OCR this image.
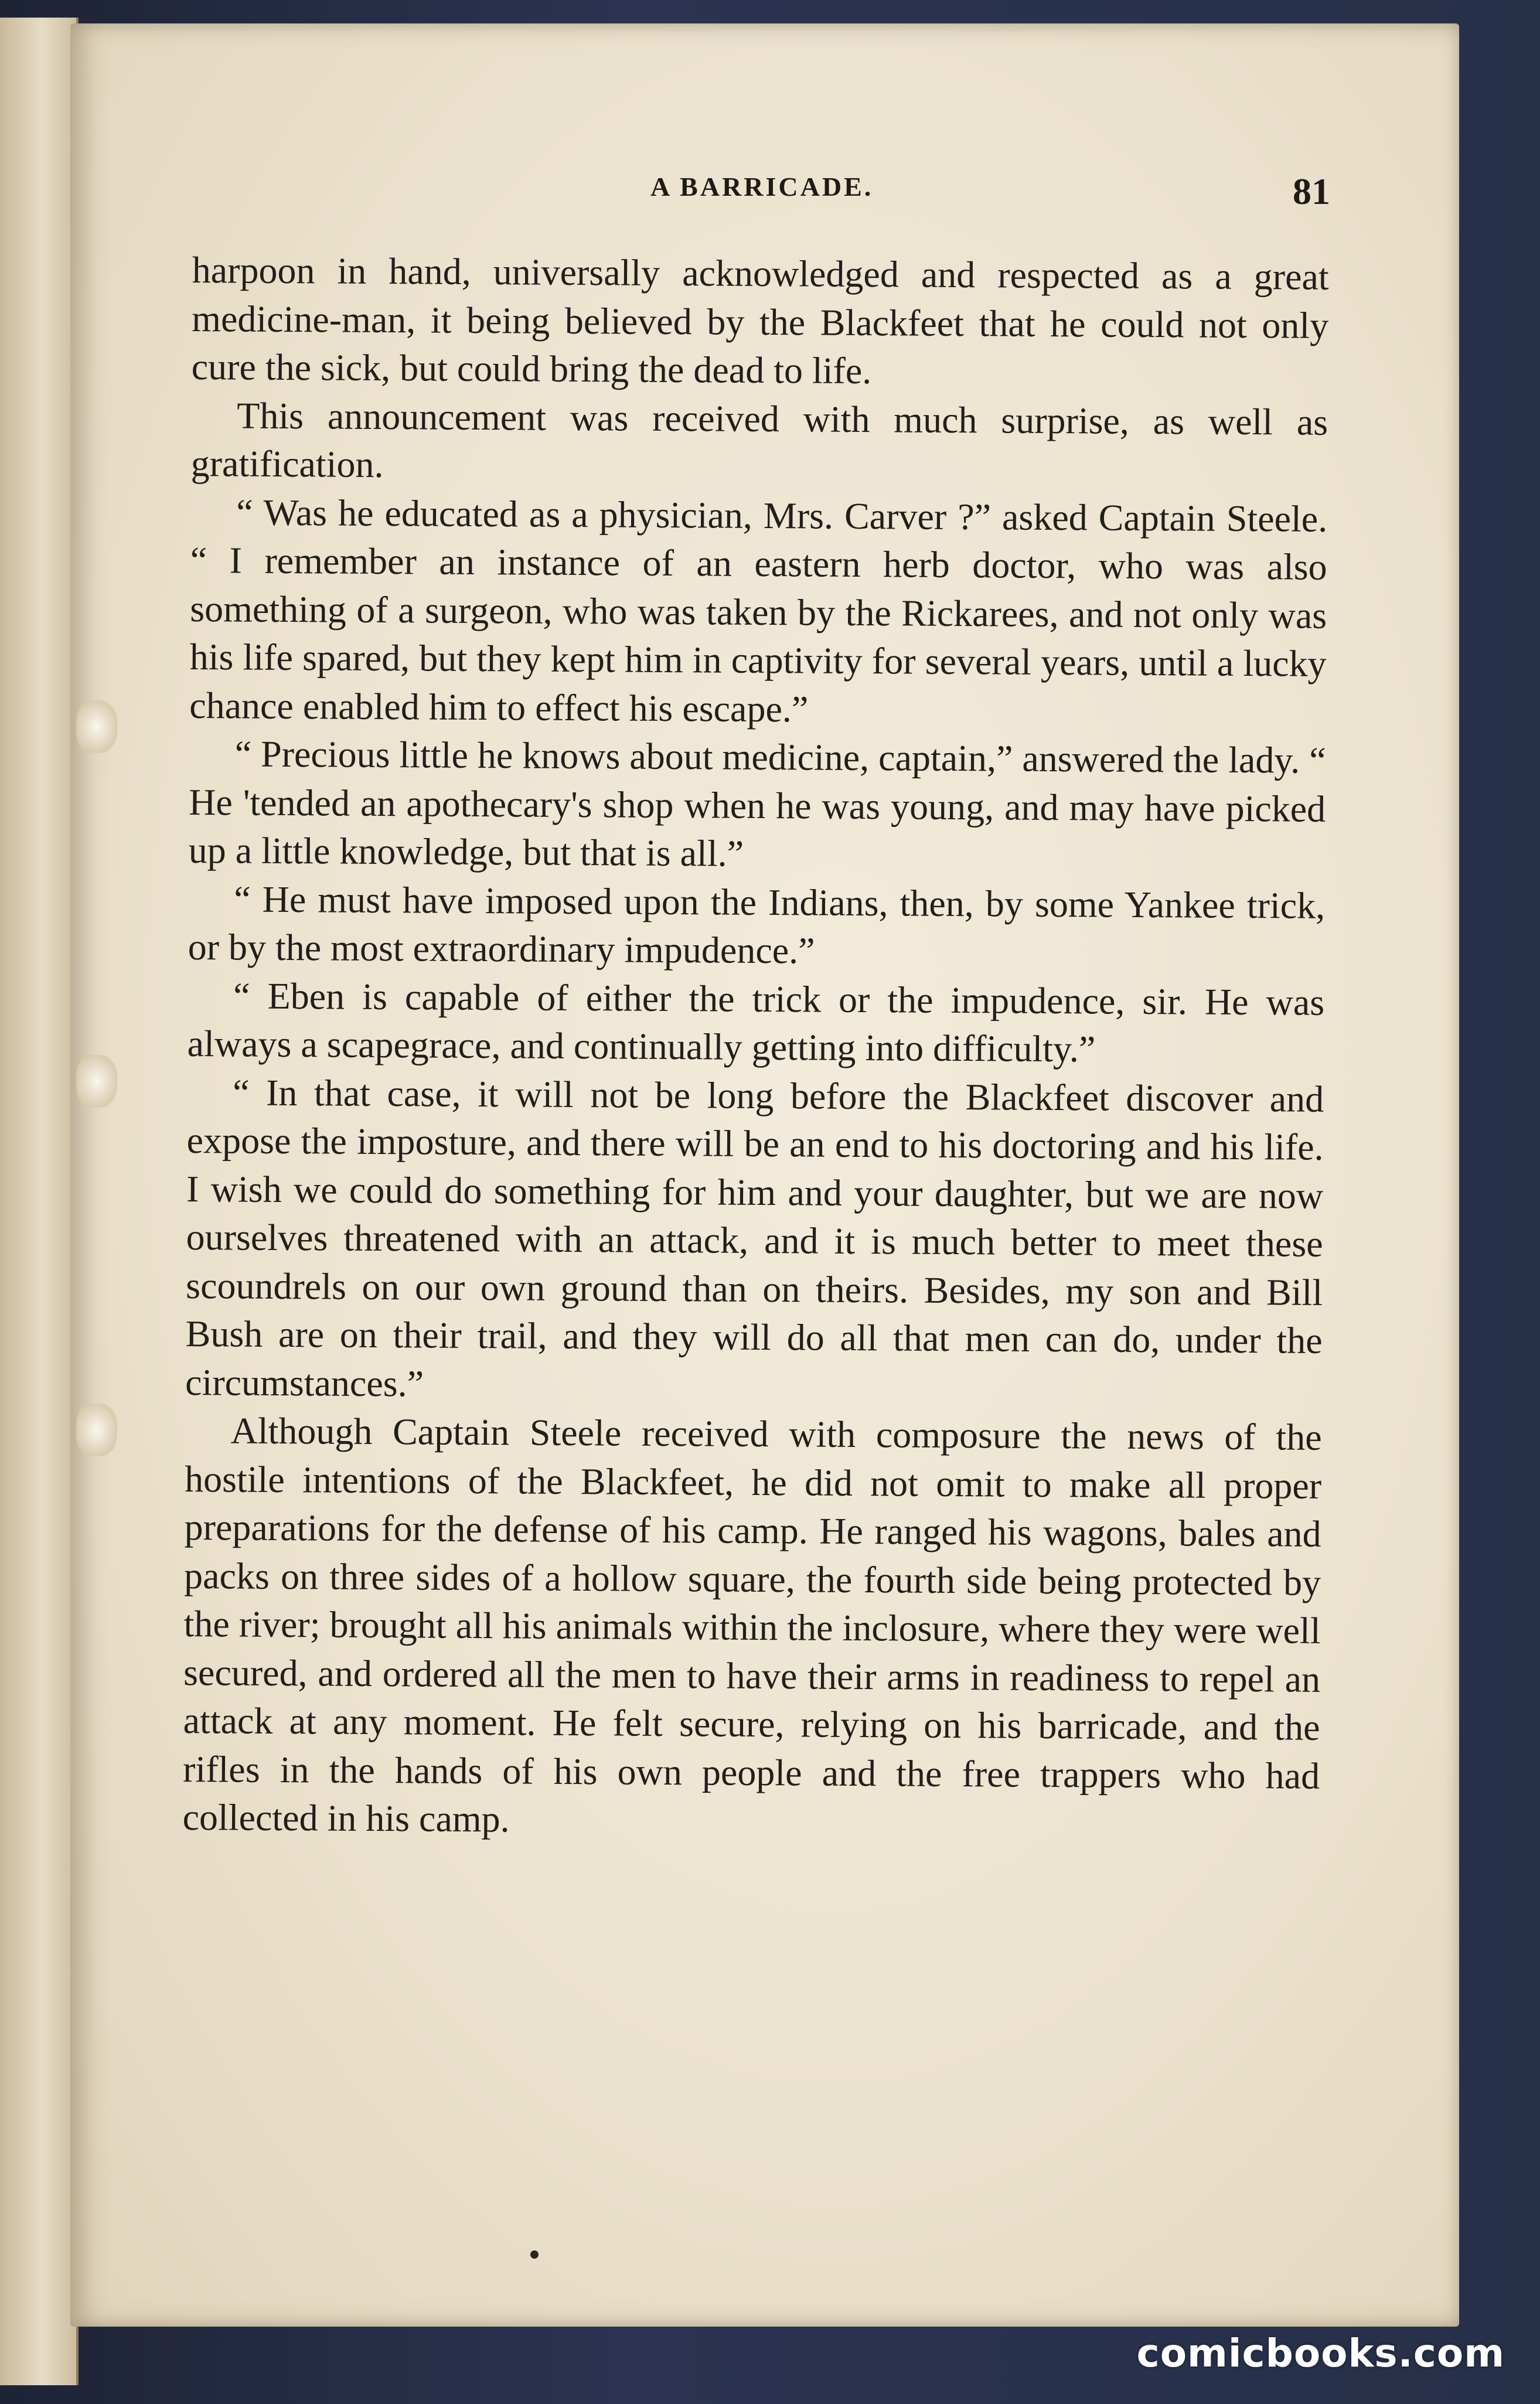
A BARRICADE.	81

harpoon in hand, universally acknowledged and respected as a great medicine-man, it being believed by the Blackfeet that he could not only cure the sick, but could bring the dead to life.

This announcement was received with much surprise, as well as gratification.

“ Was he educated as a physician, Mrs. Carver ?” asked Captain Steele. “ I remember an instance of an eastern herb doctor, who was also something of a surgeon, who was taken by the Rickarees, and not only was his life spared, but they kept him in captivity for several years, until a lucky chance enabled him to effect his escape.”

“ Precious little he knows about medicine, captain,” answered the lady. “ He 'tended an apothecary's shop when he was young, and may have picked up a little knowledge, but that is all.”

“ He must have imposed upon the Indians, then, by some Yankee trick, or by the most extraordinary impudence.”

“ Eben is capable of either the trick or the impudence, sir. He was always a scapegrace, and continually getting into difficulty.”

“ In that case, it will not be long before the Blackfeet discover and expose the imposture, and there will be an end to his doctoring and his life. I wish we could do something for him and your daughter, but we are now ourselves threatened with an attack, and it is much better to meet these scoundrels on our own ground than on theirs. Besides, my son and Bill Bush are on their trail, and they will do all that men can do, under the circumstances.”

Although Captain Steele received with composure the news of the hostile intentions of the Blackfeet, he did not omit to make all proper preparations for the defense of his camp. He ranged his wagons, bales and packs on three sides of a hollow square, the fourth side being protected by the river; brought all his animals within the inclosure, where they were well secured, and ordered all the men to have their arms in readiness to repel an attack at any moment. He felt secure, relying on his barricade, and the rifles in the hands of his own people and the free trappers who had collected in his camp.

comicbooks.com
